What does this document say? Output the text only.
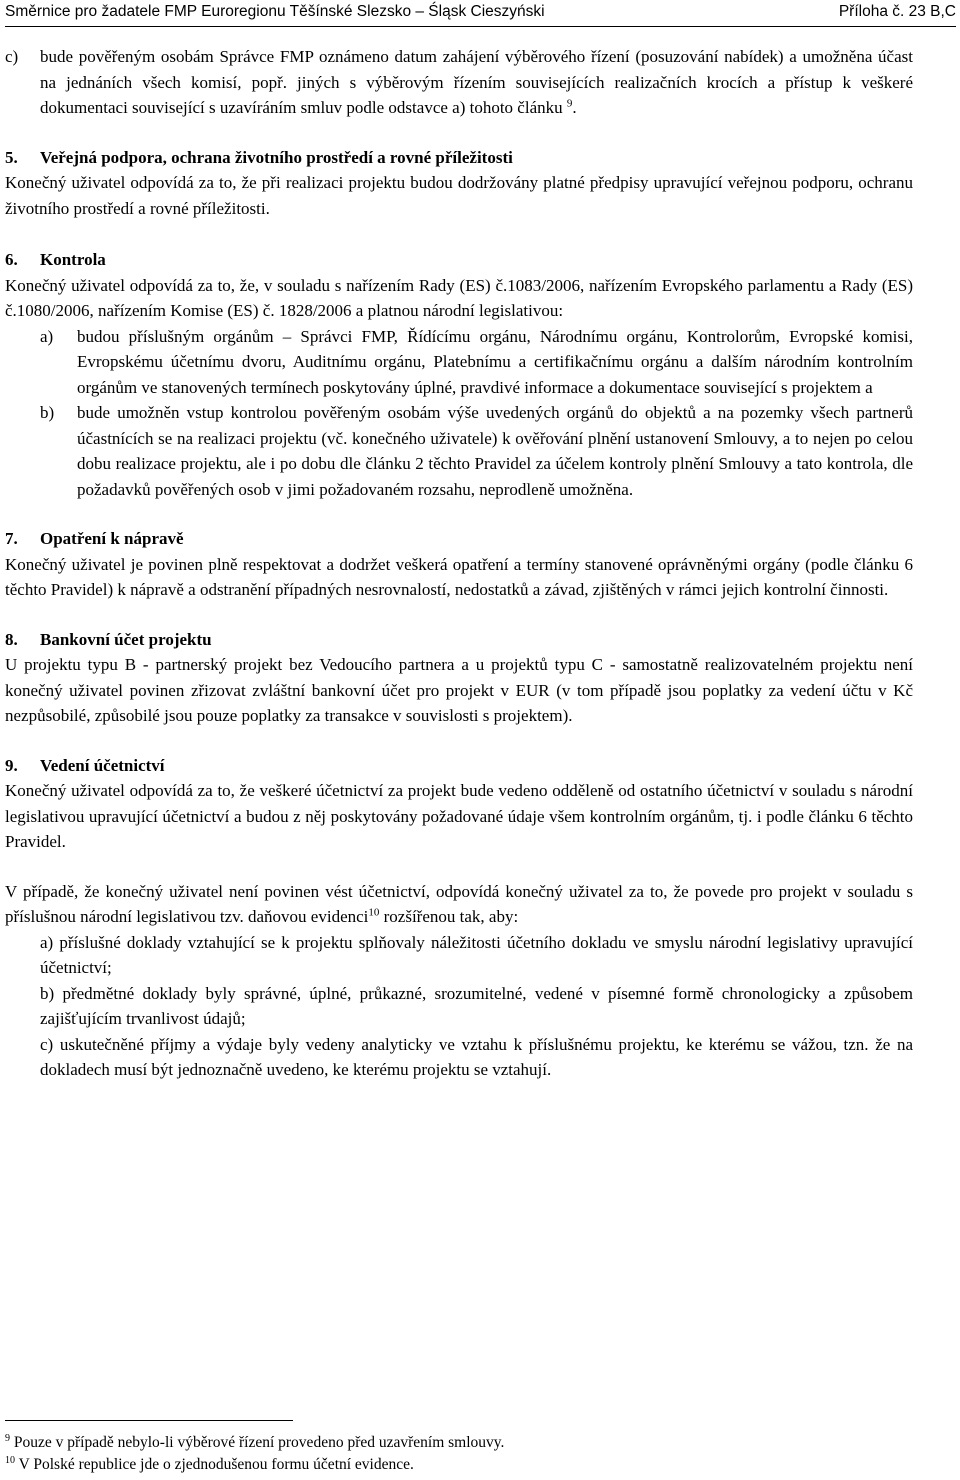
Směrnice pro žadatele FMP Euroregionu Těšínské Slezsko – Śląsk Cieszyński	Příloha č. 23 B,C
c) bude pověřeným osobám Správce FMP oznámeno datum zahájení výběrového řízení (posuzování nabídek) a umožněna účast na jednáních všech komisí, popř. jiných s výběrovým řízením souvisejících realizačních krocích a přístup k veškeré dokumentaci související s uzavíráním smluv podle odstavce a) tohoto článku $^9$.

5. Veřejná podpora, ochrana životního prostředí a rovné příležitosti

Konečný uživatel odpovídá za to, že při realizaci projektu budou dodržovány platné předpisy upravující veřejnou podporu, ochranu životního prostředí a rovné příležitosti.

6. Kontrola

Konečný uživatel odpovídá za to, že, v souladu s nařízením Rady (ES) č.1083/2006, nařízením Evropského parlamentu a Rady (ES) č.1080/2006, nařízením Komise (ES) č. 1828/2006 a platnou národní legislativou:

a) budou příslušným orgánům – Správci FMP, Řídícímu orgánu, Národnímu orgánu, Kontrolorům, Evropské komisi, Evropskému účetnímu dvoru, Auditnímu orgánu, Platebnímu a certifikačnímu orgánu a dalším národním kontrolním orgánům ve stanovených termínech poskytovány úplné, pravdivé informace a dokumentace související s projektem a

b) bude umožněn vstup kontrolou pověřeným osobám výše uvedených orgánů do objektů a na pozemky všech partnerů účastnících se na realizaci projektu (vč. konečného uživatele) k ověřování plnění ustanovení Smlouvy, a to nejen po celou dobu realizace projektu, ale i po dobu dle článku 2 těchto Pravidel za účelem kontroly plnění Smlouvy a tato kontrola, dle požadavků pověřených osob v jimi požadovaném rozsahu, neprodleně umožněna.

7. Opatření k nápravě

Konečný uživatel je povinen plně respektovat a dodržet veškerá opatření a termíny stanovené oprávněnými orgány (podle článku 6 těchto Pravidel) k nápravě a odstranění případných nesrovnalostí, nedostatků a závad, zjištěných v rámci jejich kontrolní činnosti.

8. Bankovní účet projektu

U projektu typu B - partnerský projekt bez Vedoucího partnera a u projektů typu C - samostatně realizovatelném projektu není konečný uživatel povinen zřizovat zvláštní bankovní účet pro projekt v EUR (v tom případě jsou poplatky za vedení účtu v Kč nezpůsobilé, způsobilé jsou pouze poplatky za transakce v souvislosti s projektem).

9. Vedení účetnictví

Konečný uživatel odpovídá za to, že veškeré účetnictví za projekt bude vedeno odděleně od ostatního účetnictví v souladu s národní legislativou upravující účetnictví a budou z něj poskytovány požadované údaje všem kontrolním orgánům, tj. i podle článku 6 těchto Pravidel.

V případě, že konečný uživatel není povinen vést účetnictví, odpovídá konečný uživatel za to, že povede pro projekt v souladu s příslušnou národní legislativou tzv. daňovou evidenci$^{10}$ rozšířenou tak, aby:

a) příslušné doklady vztahující se k projektu splňovaly náležitosti účetního dokladu ve smyslu národní legislativy upravující účetnictví;

b) předmětné doklady byly správné, úplné, průkazné, srozumitelné, vedené v písemné formě chronologicky a způsobem zajišťujícím trvanlivost údajů;

c) uskutečněné příjmy a výdaje byly vedeny analyticky ve vztahu k příslušnému projektu, ke kterému se vážou, tzn. že na dokladech musí být jednoznačně uvedeno, ke kterému projektu se vztahují.

$^9$ Pouze v případě nebylo-li výběrové řízení provedeno před uzavřením smlouvy.
$^{10}$ V Polské republice jde o zjednodušenou formu účetní evidence.
